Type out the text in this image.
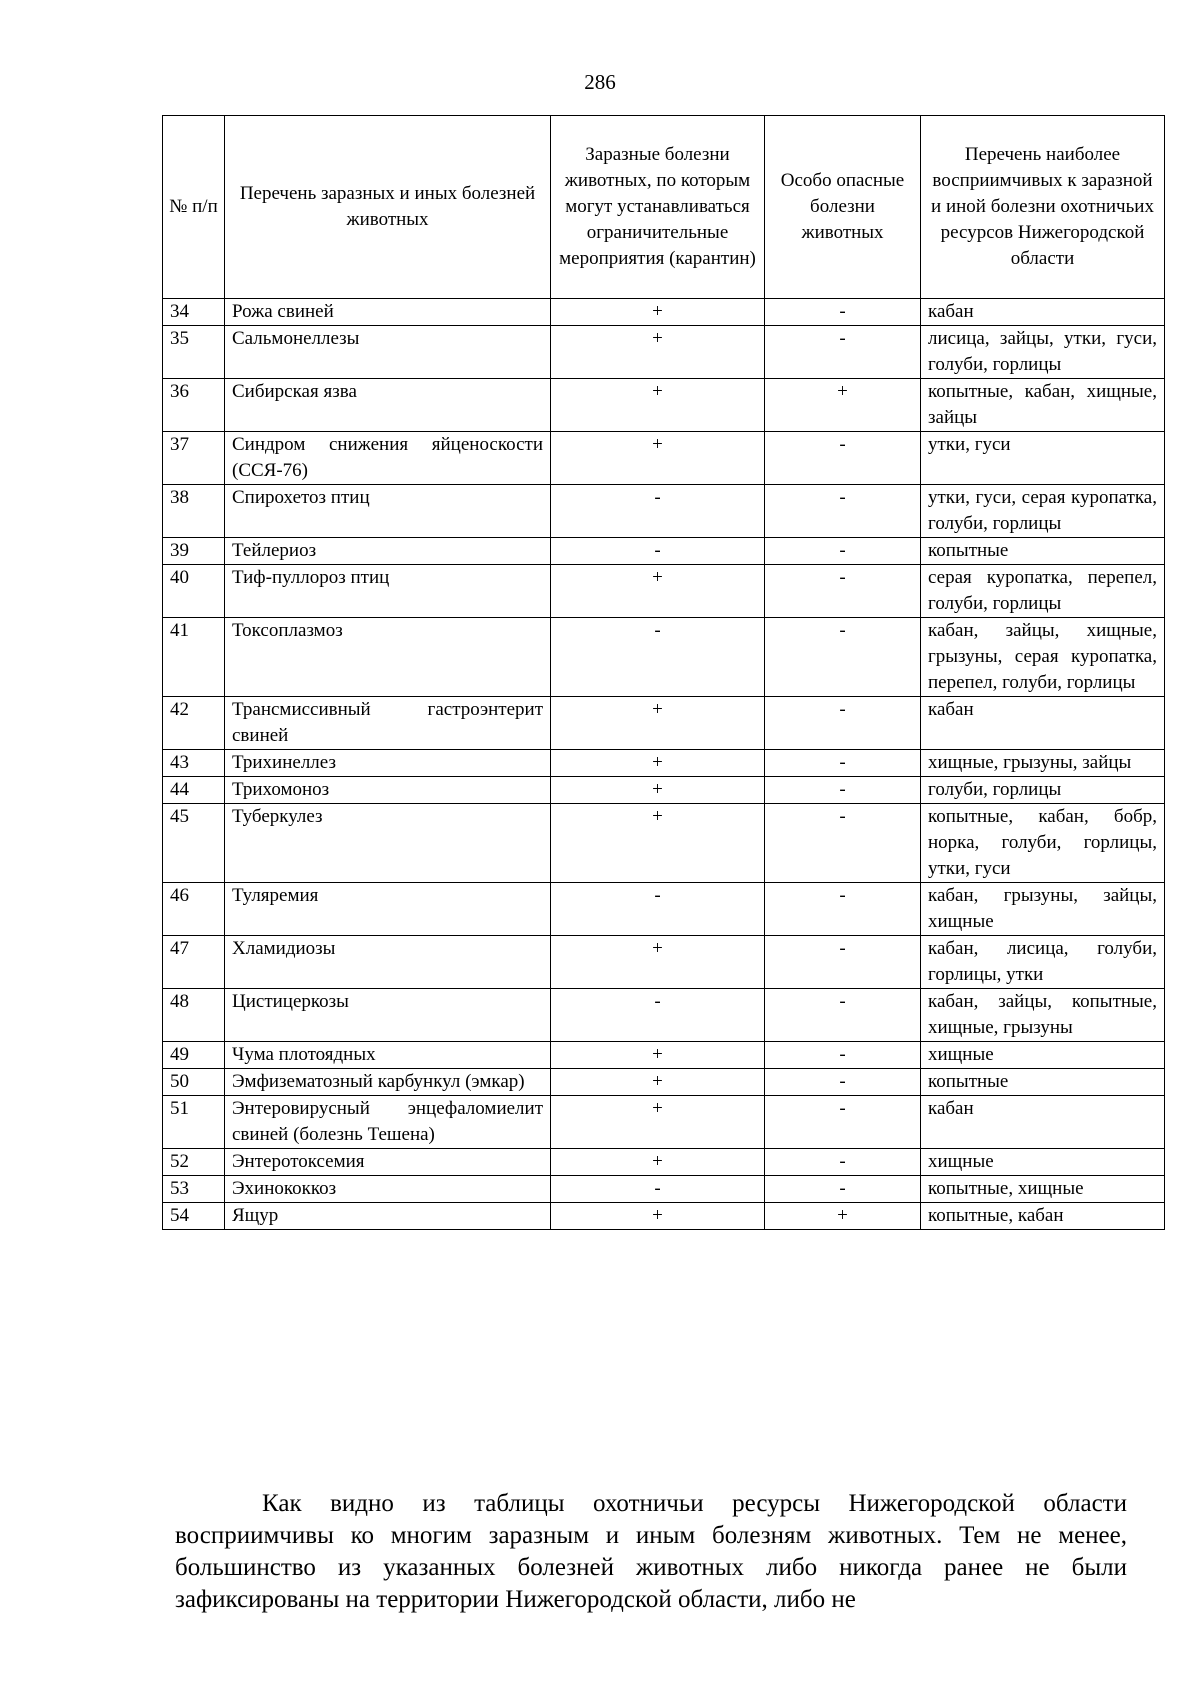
286
№ п/п	Перечень заразных и иных болезней животных	Заразные болезни животных, по которым могут устанавливаться ограничительные мероприятия (карантин)	Особо опасные болезни животных	Перечень наиболее восприимчивых к заразной и иной болезни охотничьих ресурсов Нижегородской области
34	Рожа свиней	+	-	кабан
35	Сальмонеллезы	+	-	лисица, зайцы, утки, гуси, голуби, горлицы
36	Сибирская язва	+	+	копытные, кабан, хищные, зайцы
37	Синдром снижения яйценоскости (ССЯ-76)	+	-	утки, гуси
38	Спирохетоз птиц	-	-	утки, гуси, серая куропатка, голуби, горлицы
39	Тейлериоз	-	-	копытные
40	Тиф-пуллороз птиц	+	-	серая куропатка, перепел, голуби, горлицы
41	Токсоплазмоз	-	-	кабан, зайцы, хищные, грызуны, серая куропатка, перепел, голуби, горлицы
42	Трансмиссивный гастроэнтерит свиней	+	-	кабан
43	Трихинеллез	+	-	хищные, грызуны, зайцы
44	Трихомоноз	+	-	голуби, горлицы
45	Туберкулез	+	-	копытные, кабан, бобр, норка, голуби, горлицы, утки, гуси
46	Туляремия	-	-	кабан, грызуны, зайцы, хищные
47	Хламидиозы	+	-	кабан, лисица, голуби, горлицы, утки
48	Цистицеркозы	-	-	кабан, зайцы, копытные, хищные, грызуны
49	Чума плотоядных	+	-	хищные
50	Эмфизематозный карбункул (эмкар)	+	-	копытные
51	Энтеровирусный энцефаломиелит свиней (болезнь Тешена)	+	-	кабан
52	Энтеротоксемия	+	-	хищные
53	Эхинококкоз	-	-	копытные, хищные
54	Ящур	+	+	копытные, кабан

Как видно из таблицы охотничьи ресурсы Нижегородской области восприимчивы ко многим заразным и иным болезням животных. Тем не менее, большинство из указанных болезней животных либо никогда ранее не были зафиксированы на территории Нижегородской области, либо не
